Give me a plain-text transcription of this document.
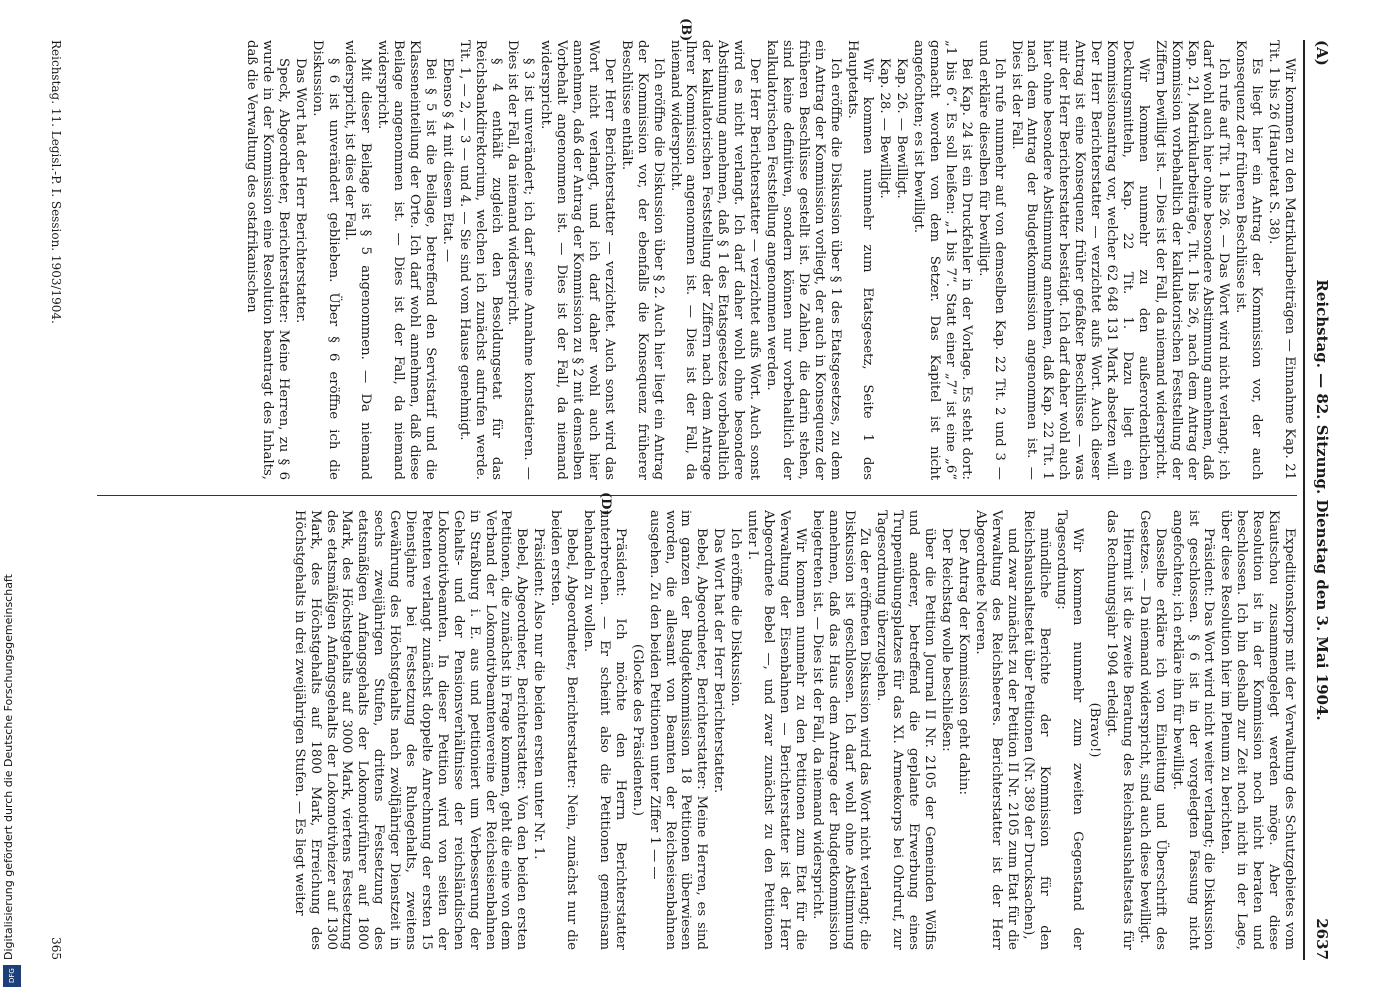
(A)
Reichstag. — 82. Sitzung. Dienstag den 3. Mai 1904.
2637

Wir kommen zu den Matrikularbeiträgen — Einnahme Kap. 21 Tit. 1 bis 26 (Hauptetat S. 38).

Es liegt hier ein Antrag der Kommission vor, der auch Konsequenz der früheren Beschlüsse ist.

Ich rufe auf Tit. 1 bis 26. — Das Wort wird nicht verlangt; ich darf wohl auch hier ohne besondere Abstimmung annehmen, daß Kap. 21, Matrikularbeiträge, Tit. 1 bis 26, nach dem Antrag der Kommission vorbehaltlich der kalkulatorischen Feststellung der Ziffern bewilligt ist. — Dies ist der Fall, da niemand widerspricht.

Wir kommen nunmehr zu den außerordentlichen Deckungsmitteln, Kap. 22 Tit. 1. Dazu liegt ein Kommissionsantrag vor, welcher 62 648 131 Mark absetzen will. Der Herr Berichterstatter — verzichtet aufs Wort. Auch dieser Antrag ist eine Konsequenz früher gefaßter Beschlüsse — was mir der Herr Berichterstatter bestätigt. Ich darf daher wohl auch hier ohne besondere Abstimmung annehmen, daß Kap. 22 Tit. 1 nach dem Antrag der Budgetkommission angenommen ist. — Dies ist der Fall.

Ich rufe nunmehr auf von demselben Kap. 22 Tit. 2 und 3 — und erkläre dieselben für bewilligt.

Bei Kap. 24 ist ein Druckfehler in der Vorlage. Es steht dort: „1 bis 6“. Es soll heißen: „1 bis 7“. Statt einer „7“ ist eine „6“ gemacht worden von dem Setzer. Das Kapitel ist nicht angefochten; es ist bewilligt.

Kap. 26. — Bewilligt.

Kap. 28. — Bewilligt.

Wir kommen nunmehr zum Etatsgesetz, Seite 1 des Hauptetats.

Ich eröffne die Diskussion über § 1 des Etatsgesetzes, zu dem ein Antrag der Kommission vorliegt, der auch in Konsequenz der früheren Beschlüsse gestellt ist. Die Zahlen, die darin stehen, sind keine definitiven, sondern können nur vorbehaltlich der kalkulatorischen Feststellung angenommen werden.

Der Herr Berichterstatter — verzichtet aufs Wort. Auch sonst wird es nicht verlangt. Ich darf daher wohl ohne besondere Abstimmung annehmen, daß § 1 des Etatsgesetzes vorbehaltlich der kalkulatorischen Feststellung der Ziffern nach dem Antrage Ihrer Kommission angenommen ist. — Dies ist der Fall, da niemand widerspricht.

Ich eröffne die Diskussion über § 2. Auch hier liegt ein Antrag der Kommission vor, der ebenfalls die Konsequenz früherer Beschlüsse enthält.

Der Herr Berichterstatter — verzichtet. Auch sonst wird das Wort nicht verlangt, und ich darf daher wohl auch hier annehmen, daß der Antrag der Kommission zu § 2 mit demselben Vorbehalt angenommen ist. — Dies ist der Fall, da niemand widerspricht.

§ 3 ist unverändert; ich darf seine Annahme konstatieren. — Dies ist der Fall, da niemand widerspricht.

§ 4 enthält zugleich den Besoldungsetat für das Reichsbankdirektorium, welchen ich zunächst aufrufen werde. Tit. 1, — 2, — 3 — und 4. — Sie sind vom Hause genehmigt.

Ebenso § 4 mit diesem Etat. —

Bei § 5 ist die Beilage, betreffend den Servistarif und die Klasseneinteilung der Orte. Ich darf wohl annehmen, daß diese Beilage angenommen ist. — Dies ist der Fall, da niemand widerspricht.

Mit dieser Beilage ist § 5 angenommen. — Da niemand widerspricht, ist dies der Fall.

§ 6 ist unverändert geblieben. Über § 6 eröffne ich die Diskussion.

Das Wort hat der Herr Berichterstatter.

Speck, Abgeordneter, Berichterstatter: Meine Herren, zu § 6 wurde in der Kommission eine Resolution beantragt des Inhalts, daß die Verwaltung des ostafrikanischen

Expeditionskorps mit der Verwaltung des Schutzgebietes vom Kiautschou zusammengelegt werden möge. Aber diese Resolution ist in der Kommission noch nicht beraten und beschlossen. Ich bin deshalb zur Zeit noch nicht in der Lage, über diese Resolution hier im Plenum zu berichten.

Präsident: Das Wort wird nicht weiter verlangt; die Diskussion ist geschlossen. § 6 ist in der vorgelegten Fassung nicht angefochten; ich erkläre ihn für bewilligt.

Dasselbe erkläre ich von Einleitung und Überschrift des Gesetzes. — Da niemand widerspricht, sind auch diese bewilligt.

Hiermit ist die zweite Beratung des Reichshaushaltsetats für das Rechnungsjahr 1904 erledigt.

(Bravo!)

Wir kommen nunmehr zum zweiten Gegenstand der Tagesordnung:

mündliche Berichte der Kommission für den Reichshaushaltsetat über Petitionen (Nr. 389 der Drucksachen),

und zwar zunächst zu der Petition II Nr. 2105 zum Etat für die Verwaltung des Reichsheeres. Berichterstatter ist der Herr Abgeordnete Noeren.

Der Antrag der Kommission geht dahin:

Der Reichstag wolle beschließen:

über die Petition Journal II Nr. 2105 der Gemeinden Wölfis und anderer, betreffend die geplante Erwerbung eines Truppenübungsplatzes für das XI. Armeekorps bei Ohrdruf, zur Tagesordnung überzugehen.

Zu der eröffneten Diskussion wird das Wort nicht verlangt; die Diskussion ist geschlossen. Ich darf wohl ohne Abstimmung annehmen, daß das Haus dem Antrage der Budgetkommission beigetreten ist. — Dies ist der Fall, da niemand widerspricht.

Wir kommen nunmehr zu den Petitionen zum Etat für die Verwaltung der Eisenbahnen — Berichterstatter ist der Herr Abgeordnete Bebel —, und zwar zunächst zu den Petitionen unter I.

Ich eröffne die Diskussion.

Das Wort hat der Herr Berichterstatter.

Bebel, Abgeordneter, Berichterstatter: Meine Herren, es sind im ganzen der Budgetkommission 18 Petitionen überwiesen worden, die allesamt von Beamten der Reichseisenbahnen ausgehen. Zu den beiden Petitionen unter Ziffer 1 — —

(Glocke des Präsidenten.)

Präsident: Ich möchte den Herrn Berichterstatter unterbrechen. — Er scheint also die Petitionen gemeinsam behandeln zu wollen.

Bebel, Abgeordneter, Berichterstatter: Nein, zunächst nur die beiden ersten.

Präsident: Also nur die beiden ersten unter Nr. 1.

Bebel, Abgeordneter, Berichterstatter: Von den beiden ersten Petitionen, die zunächst in Frage kommen, geht die eine von dem Verband der Lokomotivbeamtenvereine der Reichseisenbahnen in Straßburg i. E. aus und petitioniert um Verbesserung der Gehalts- und der Pensionsverhältnisse der reichsländischen Lokomotivbeamten. In dieser Petition wird von seiten der Petenten verlangt zunächst doppelte Anrechnung der ersten 15 Dienstjahre bei Festsetzung des Ruhegehalts, zweitens Gewährung des Höchstgehalts nach zwölfjähriger Dienstzeit in sechs zweijährigen Stufen, drittens Festsetzung des etatsmäßigen Anfangsgehalts der Lokomotivführer auf 1800 Mark, des Höchstgehalts auf 3000 Mark, viertens Festsetzung des etatsmäßigen Anfangsgehalts der Lokomotivheizer auf 1300 Mark, des Höchstgehalts auf 1800 Mark, Erreichung des Höchstgehalts in drei zweijährigen Stufen. — Es liegt weiter

(B)
(D)
Reichstag. 11. Legisl.-P. I. Session. 1903/1904.
365
Digitalisierung gefördert durch die Deutsche Forschungsgemeinschaft
DFG
